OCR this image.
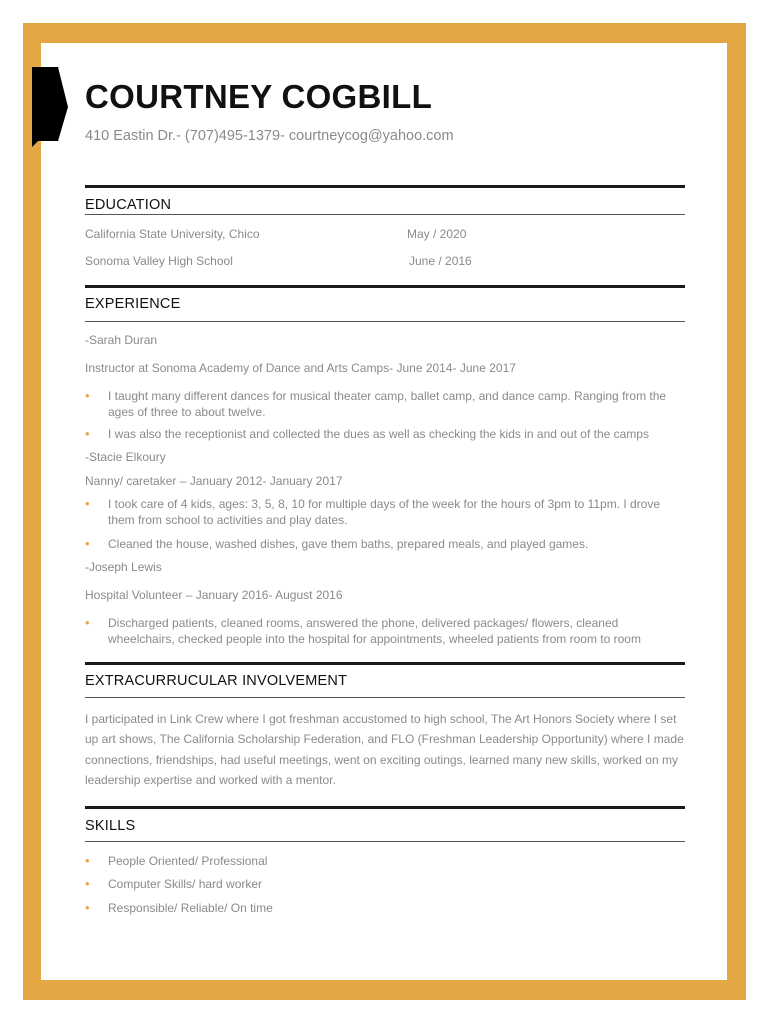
COURTNEY COGBILL
410 Eastin Dr.- (707)495-1379- courtneycog@yahoo.com
EDUCATION
California State University, Chico	May / 2020
Sonoma Valley High School	June / 2016
EXPERIENCE
-Sarah Duran
Instructor at Sonoma Academy of Dance and Arts Camps- June 2014- June 2017
• I taught many different dances for musical theater camp, ballet camp, and dance camp. Ranging from the ages of three to about twelve.
• I was also the receptionist and collected the dues as well as checking the kids in and out of the camps
-Stacie Elkoury
Nanny/ caretaker – January 2012- January 2017
• I took care of 4 kids, ages: 3, 5, 8, 10 for multiple days of the week for the hours of 3pm to 11pm. I drove them from school to activities and play dates.
• Cleaned the house, washed dishes, gave them baths, prepared meals, and played games.
-Joseph Lewis
Hospital Volunteer – January 2016- August 2016
• Discharged patients, cleaned rooms, answered the phone, delivered packages/ flowers, cleaned wheelchairs, checked people into the hospital for appointments, wheeled patients from room to room
EXTRACURRUCULAR INVOLVEMENT
I participated in Link Crew where I got freshman accustomed to high school, The Art Honors Society where I set up art shows, The California Scholarship Federation, and FLO (Freshman Leadership Opportunity) where I made connections, friendships, had useful meetings, went on exciting outings, learned many new skills, worked on my leadership expertise and worked with a mentor.
SKILLS
• People Oriented/ Professional
• Computer Skills/ hard worker
• Responsible/ Reliable/ On time
